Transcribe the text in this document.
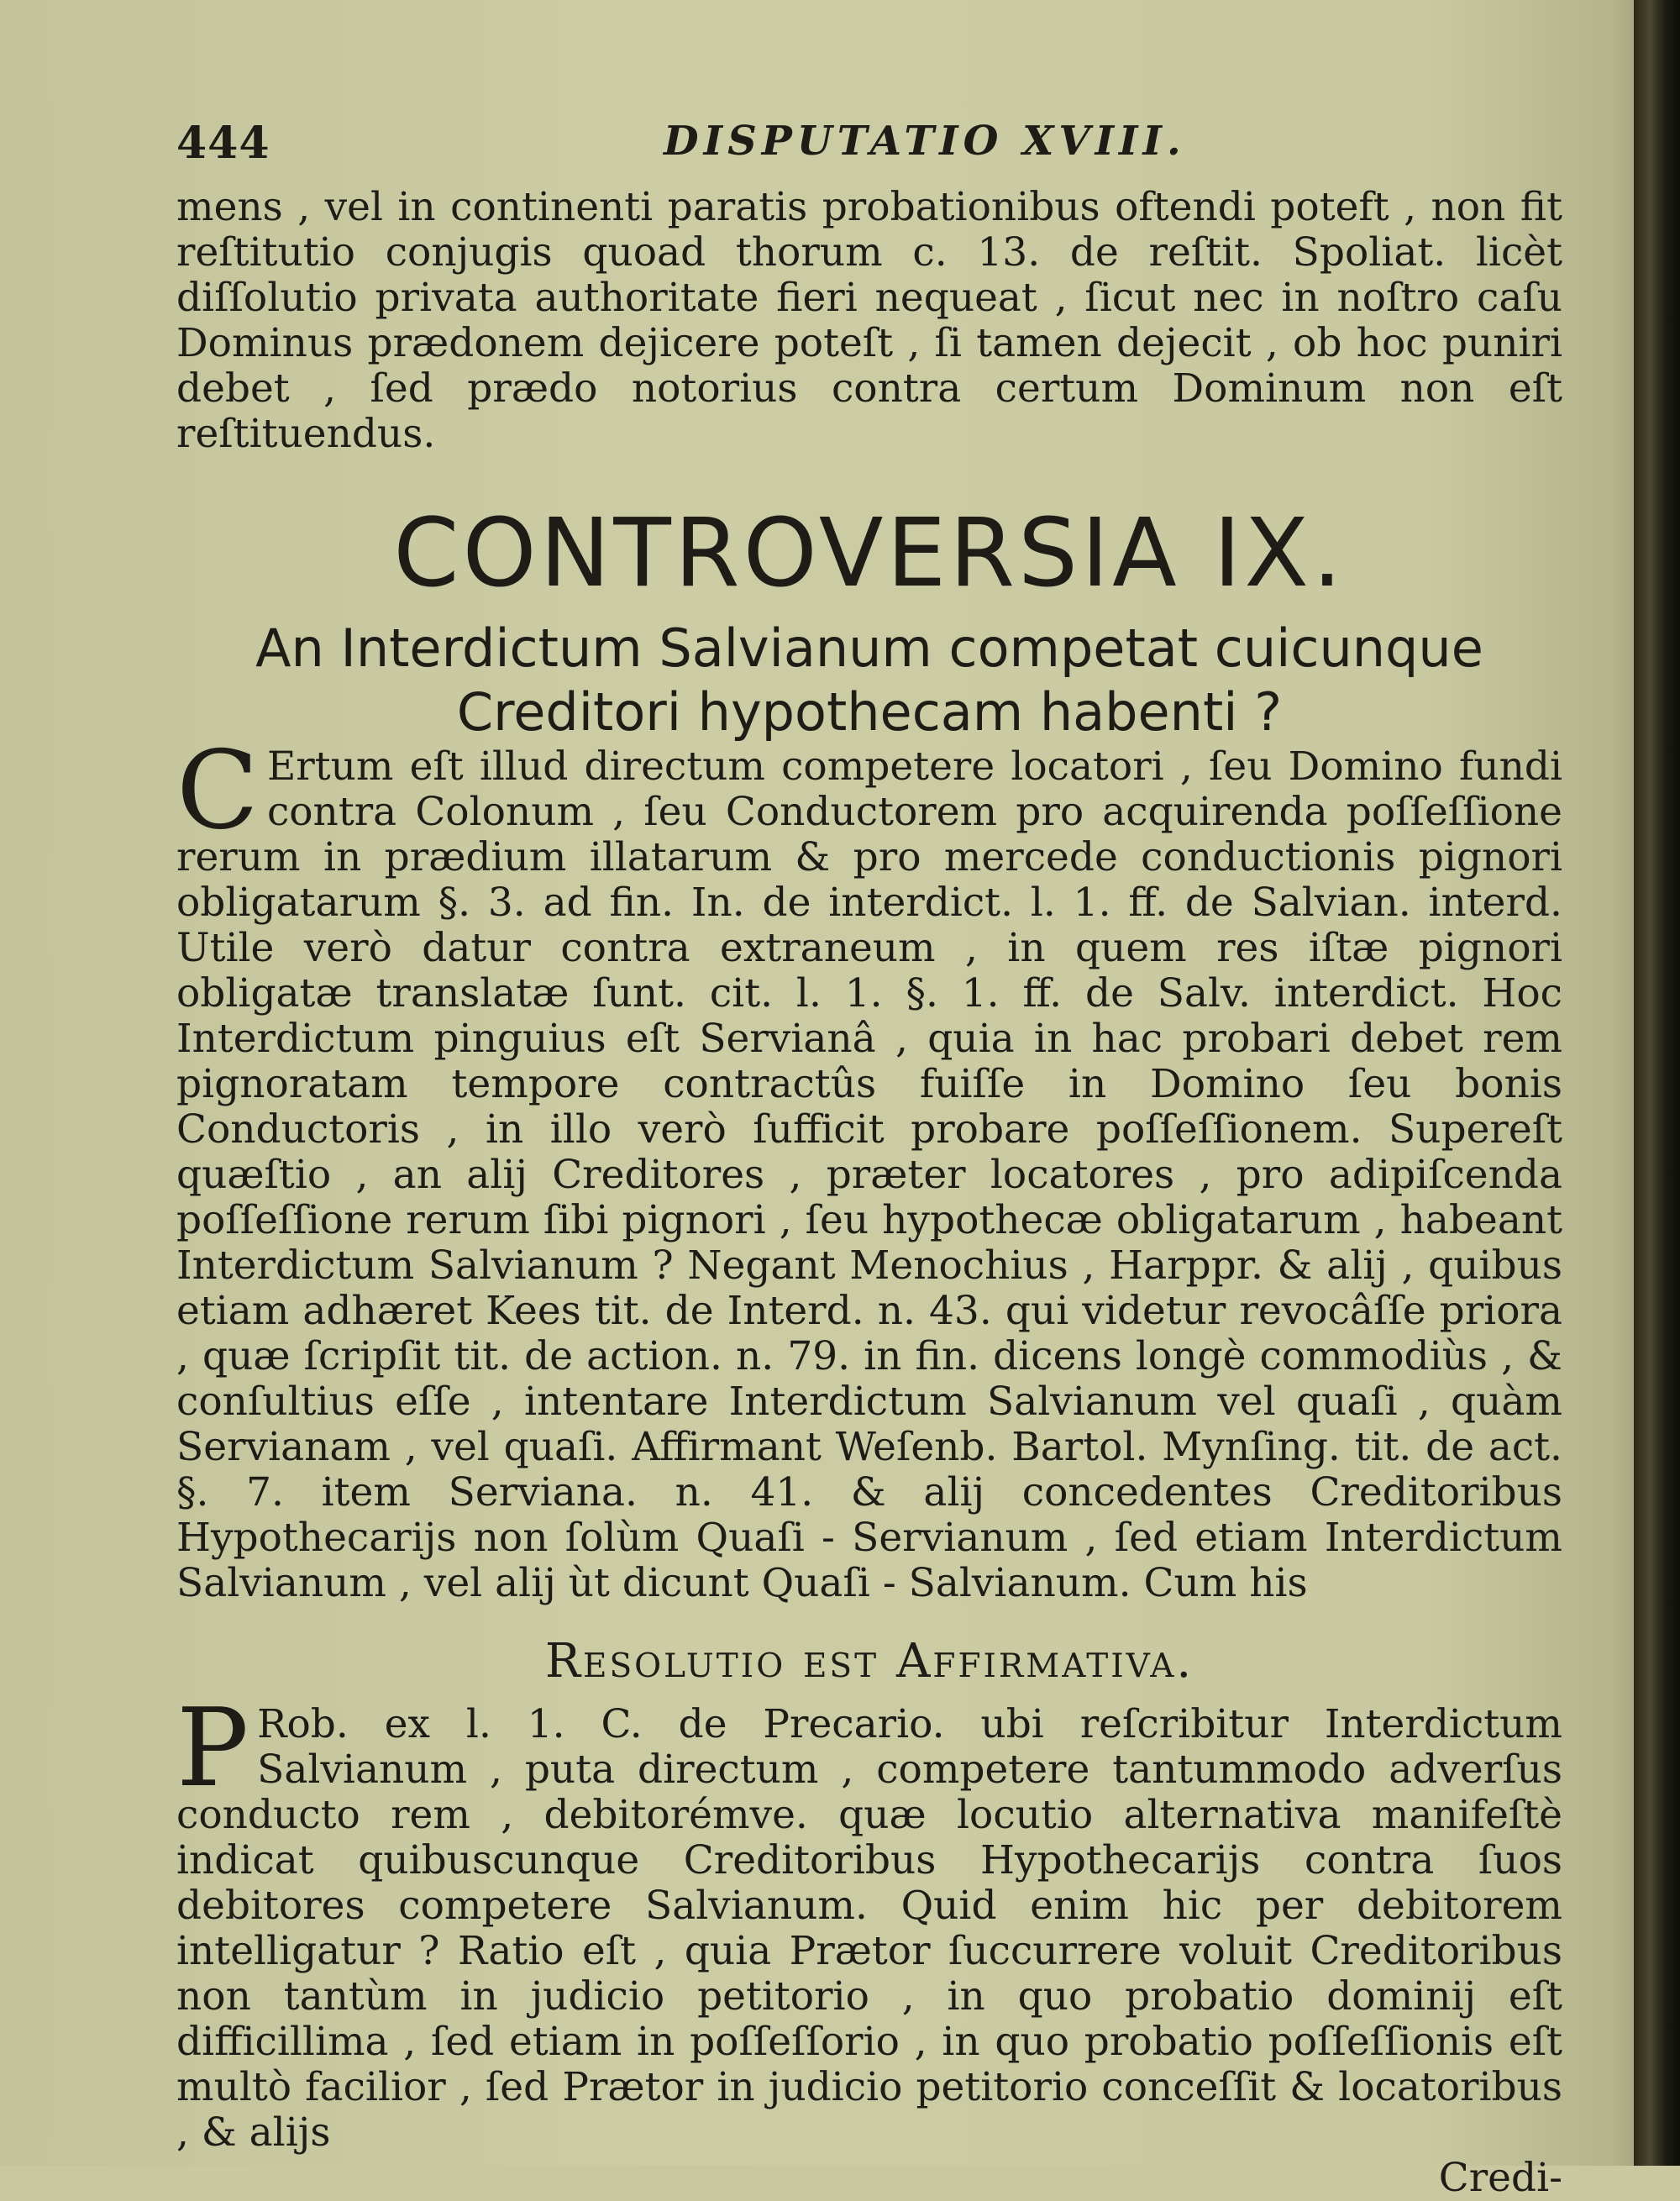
444	DISPUTATIO XVIII.

mens , vel in continenti paratis probationibus oftendi poteft , non fit reſtitutio conjugis quoad thorum c. 13. de reſtit. Spoliat. licèt diſſolutio privata authoritate fieri nequeat , ſicut nec in noſtro caſu Dominus prædonem dejicere poteſt , ſi tamen dejecit , ob hoc puniri debet , ſed prædo notorius contra certum Dominum non eſt reſtituendus.

CONTROVERSIA IX.
An Interdictum Salvianum competat cuicunque Creditori hypothecam habenti ?

C Ertum eſt illud directum competere locatori , ſeu Domino fundi contra Colonum , ſeu Conductorem pro acquirenda poſſeſſione rerum in prædium illatarum & pro mercede conductionis pignori obligatarum §. 3. ad fin. In. de interdict. l. 1. ff. de Salvian. interd. Utile verò datur contra extraneum , in quem res iſtæ pignori obligatæ translatæ ſunt. cit. l. 1. §. 1. ff. de Salv. interdict. Hoc Interdictum pinguius eſt Servianâ , quia in hac probari debet rem pignoratam tempore contractûs fuiſſe in Domino ſeu bonis Conductoris , in illo verò ſufficit probare poſſeſſionem. Supereſt quæſtio , an alij Creditores , præter locatores , pro adipiſcenda poſſeſſione rerum ſibi pignori , ſeu hypothecæ obligatarum , habeant Interdictum Salvianum ? Negant Menochius , Harppr. & alij , quibus etiam adhæret Kees tit. de Interd. n. 43. qui videtur revocâſſe priora , quæ ſcripſit tit. de action. n. 79. in fin. dicens longè commodiùs , & conſultius eſſe , intentare Interdictum Salvianum vel quaſi , quàm Servianam , vel quaſi. Affirmant Weſenb. Bartol. Mynſing. tit. de act. §. 7. item Serviana. n. 41. & alij concedentes Creditoribus Hypothecarijs non ſolùm Quaſi - Servianum , ſed etiam Interdictum Salvianum , vel alij ùt dicunt Quaſi - Salvianum. Cum his

Resolutio est Affirmativa.

P Rob. ex l. 1. C. de Precario. ubi reſcribitur Interdictum Salvianum , puta directum , competere tantummodo adverſus conducto rem , debitorémve. quæ locutio alternativa manifeſtè indicat quibuscunque Creditoribus Hypothecarijs contra ſuos debitores competere Salvianum. Quid enim hic per debitorem intelligatur ? Ratio eſt , quia Prætor ſuccurrere voluit Creditoribus non tantùm in judicio petitorio , in quo probatio dominij eſt difficillima , ſed etiam in poſſeſſorio , in quo probatio poſſeſſionis eſt multò facilior , ſed Prætor in judicio petitorio conceſſit & locatoribus , & alijs

Credi-
